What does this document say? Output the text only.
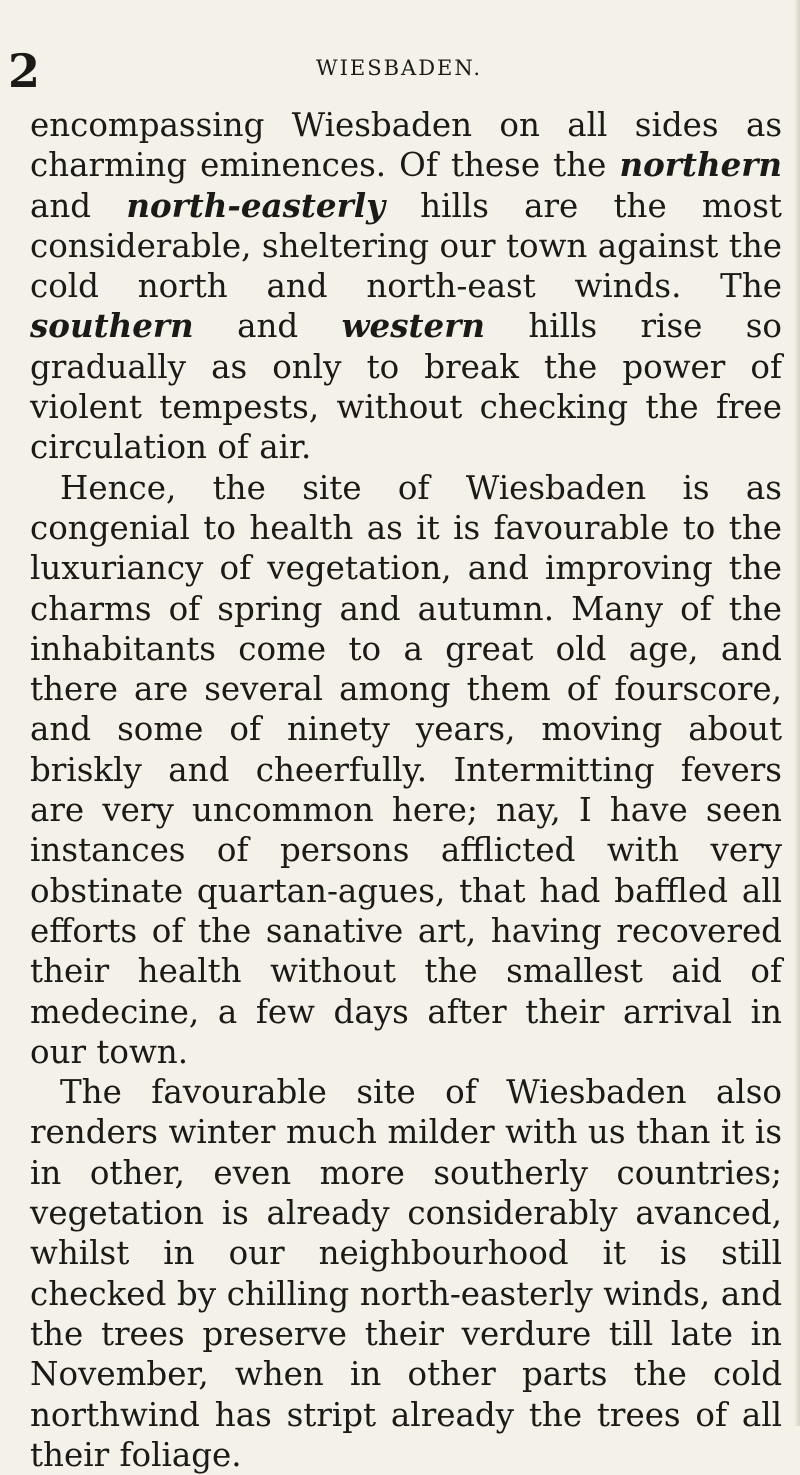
2	WIESBADEN.

encompassing Wiesbaden on all sides as charming eminences. Of these the northern and north-easterly hills are the most considerable, sheltering our town against the cold north and north-east winds. The southern and western hills rise so gradually as only to break the power of violent tempests, without checking the free circulation of air.

Hence, the site of Wiesbaden is as congenial to health as it is favourable to the luxuriancy of vegetation, and improving the charms of spring and autumn. Many of the inhabitants come to a great old age, and there are several among them of fourscore, and some of ninety years, moving about briskly and cheerfully. Intermitting fevers are very uncommon here; nay, I have seen instances of persons afflicted with very obstinate quartan-agues, that had baffled all efforts of the sanative art, having recovered their health without the smallest aid of medecine, a few days after their arrival in our town.

The favourable site of Wiesbaden also renders winter much milder with us than it is in other, even more southerly countries; vegetation is already considerably avanced, whilst in our neighbourhood it is still checked by chilling north-easterly winds, and the trees preserve their verdure till late in November, when in other parts the cold northwind has stript already the trees of all their foliage.
